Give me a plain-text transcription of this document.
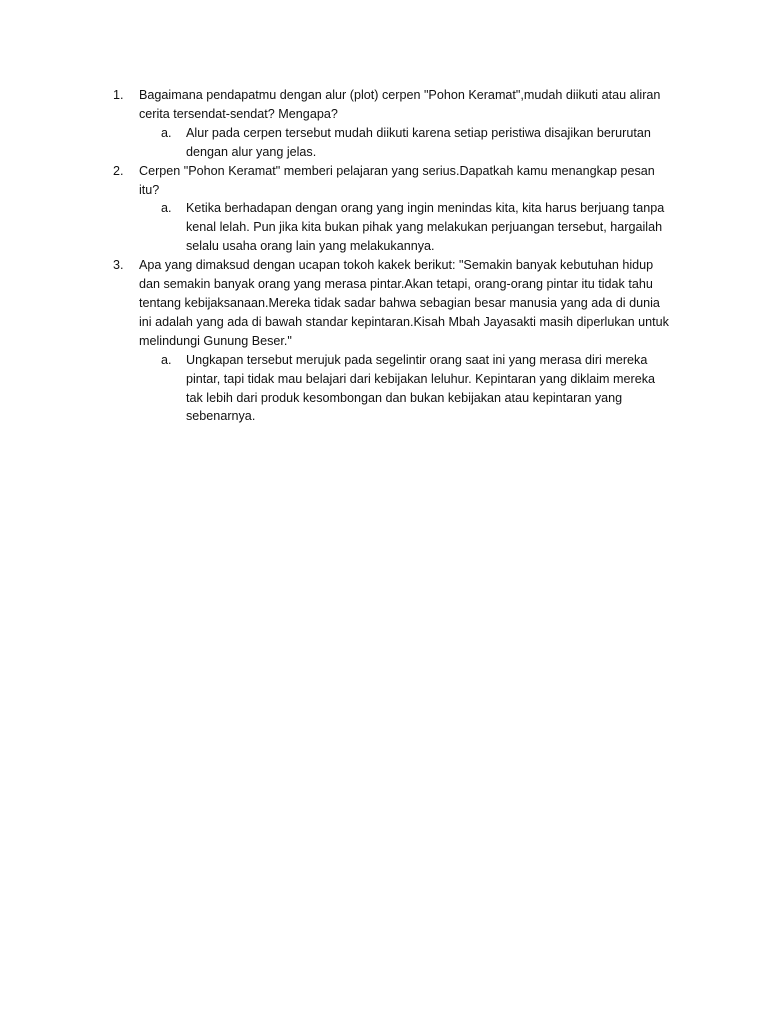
1.	Bagaimana pendapatmu dengan alur (plot) cerpen "Pohon Keramat",mudah diikuti atau aliran cerita tersendat-sendat? Mengapa?
a.	Alur pada cerpen tersebut mudah diikuti karena setiap peristiwa disajikan berurutan dengan alur yang jelas.
2.	Cerpen "Pohon Keramat" memberi pelajaran yang serius.Dapatkah kamu menangkap pesan itu?
a.	Ketika berhadapan dengan orang yang ingin menindas kita, kita harus berjuang tanpa kenal lelah. Pun jika kita bukan pihak yang melakukan perjuangan tersebut, hargailah selalu usaha orang lain yang melakukannya.
3.	Apa yang dimaksud dengan ucapan tokoh kakek berikut: "Semakin banyak kebutuhan hidup dan semakin banyak orang yang merasa pintar.Akan tetapi, orang-orang pintar itu tidak tahu tentang kebijaksanaan.Mereka tidak sadar bahwa sebagian besar manusia yang ada di dunia ini adalah yang ada di bawah standar kepintaran.Kisah Mbah Jayasakti masih diperlukan untuk melindungi Gunung Beser."
a.	Ungkapan tersebut merujuk pada segelintir orang saat ini yang merasa diri mereka pintar, tapi tidak mau belajari dari kebijakan leluhur. Kepintaran yang diklaim mereka tak lebih dari produk kesombongan dan bukan kebijakan atau kepintaran yang sebenarnya.
